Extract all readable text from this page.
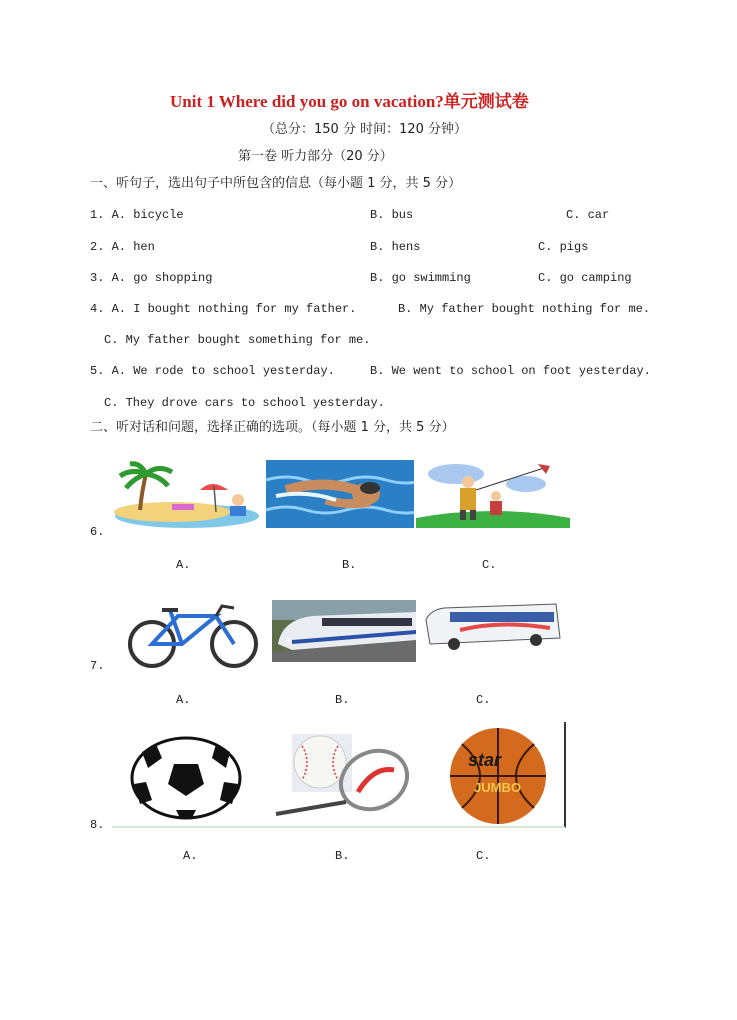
Unit 1 Where did you go on vacation?单元测试卷
（总分：150 分 时间：120 分钟）
第一卷 听力部分（20 分）
一、听句子，选出句子中所包含的信息（每小题 1 分，共 5 分）
1. A. bicycle	B. bus	C. car
2. A. hen	B. hens	C. pigs
3. A. go shopping	B. go swimming	C. go camping
4. A. I bought nothing for my father.	B. My father bought nothing for me.
C. My father bought something for me.
5. A. We rode to school yesterday.	B. We went to school on foot yesterday.
C. They drove cars to school yesterday.
二、听对话和问题，选择正确的选项。（每小题 1 分，共 5 分）
6.
A.	B.	C.
7.
A.	B.	C.
star
JUMBO
8.
A.	B.	C.
